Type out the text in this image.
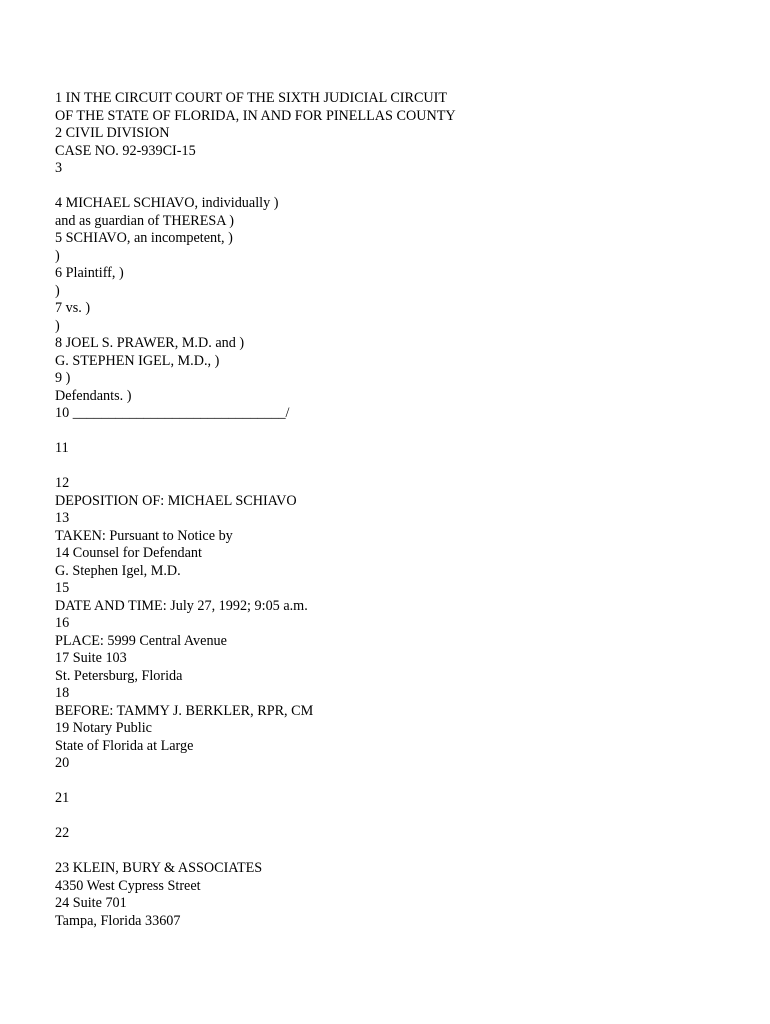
1 IN THE CIRCUIT COURT OF THE SIXTH JUDICIAL CIRCUIT
OF THE STATE OF FLORIDA, IN AND FOR PINELLAS COUNTY
2 CIVIL DIVISION
CASE NO. 92-939CI-15
3
4 MICHAEL SCHIAVO, individually )
and as guardian of THERESA )
5 SCHIAVO, an incompetent, )
)
6 Plaintiff, )
)
7 vs. )
)
8 JOEL S. PRAWER, M.D. and )
G. STEPHEN IGEL, M.D., )
9 )
Defendants. )
10 ______________________________/
11
12
DEPOSITION OF: MICHAEL SCHIAVO
13
TAKEN: Pursuant to Notice by
14 Counsel for Defendant
G. Stephen Igel, M.D.
15
DATE AND TIME: July 27, 1992; 9:05 a.m.
16
PLACE: 5999 Central Avenue
17 Suite 103
St. Petersburg, Florida
18
BEFORE: TAMMY J. BERKLER, RPR, CM
19 Notary Public
State of Florida at Large
20
21
22
23 KLEIN, BURY & ASSOCIATES
4350 West Cypress Street
24 Suite 701
Tampa, Florida 33607
